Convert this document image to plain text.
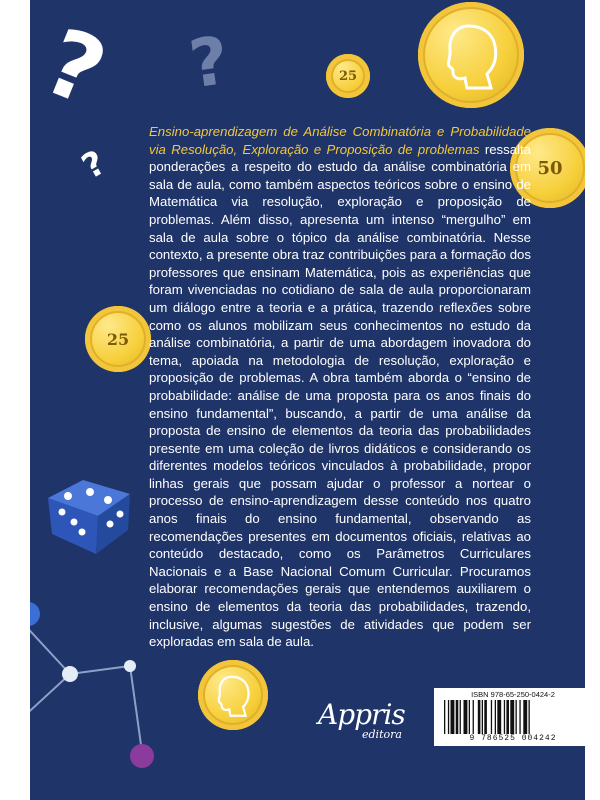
? ?
?
25
50
25
Ensino-aprendizagem de Análise Combinatória e Probabilidade via Resolução, Exploração e Proposição de problemas ressalta ponderações a respeito do estudo da análise combinatória em sala de aula, como também aspectos teóricos sobre o ensino de Matemática via resolução, exploração e proposição de problemas. Além disso, apresenta um intenso “mergulho” em sala de aula sobre o tópico da análise combinatória. Nesse contexto, a presente obra traz contribuições para a formação dos professores que ensinam Matemática, pois as experiências que foram vivenciadas no cotidiano de sala de aula proporcionaram um diálogo entre a teoria e a prática, trazendo reflexões sobre como os alunos mobilizam seus conhecimentos no estudo da análise combinatória, a partir de uma abordagem inovadora do tema, apoiada na metodologia de resolução, exploração e proposição de problemas. A obra também aborda o “ensino de probabilidade: análise de uma proposta para os anos finais do ensino fundamental”, buscando, a partir de uma análise da proposta de ensino de elementos da teoria das probabilidades presente em uma coleção de livros didáticos e considerando os diferentes modelos teóricos vinculados à probabilidade, propor linhas gerais que possam ajudar o professor a nortear o processo de ensino-aprendizagem desse conteúdo nos quatro anos finais do ensino fundamental, observando as recomendações presentes em documentos oficiais, relativas ao conteúdo destacado, como os Parâmetros Curriculares Nacionais e a Base Nacional Comum Curricular. Procuramos elaborar recomendações gerais que entendemos auxiliarem o ensino de elementos da teoria das probabilidades, trazendo, inclusive, algumas sugestões de atividades que podem ser exploradas em sala de aula.
Appris
editora
ISBN 978-65-250-0424-2
9 786525 004242
